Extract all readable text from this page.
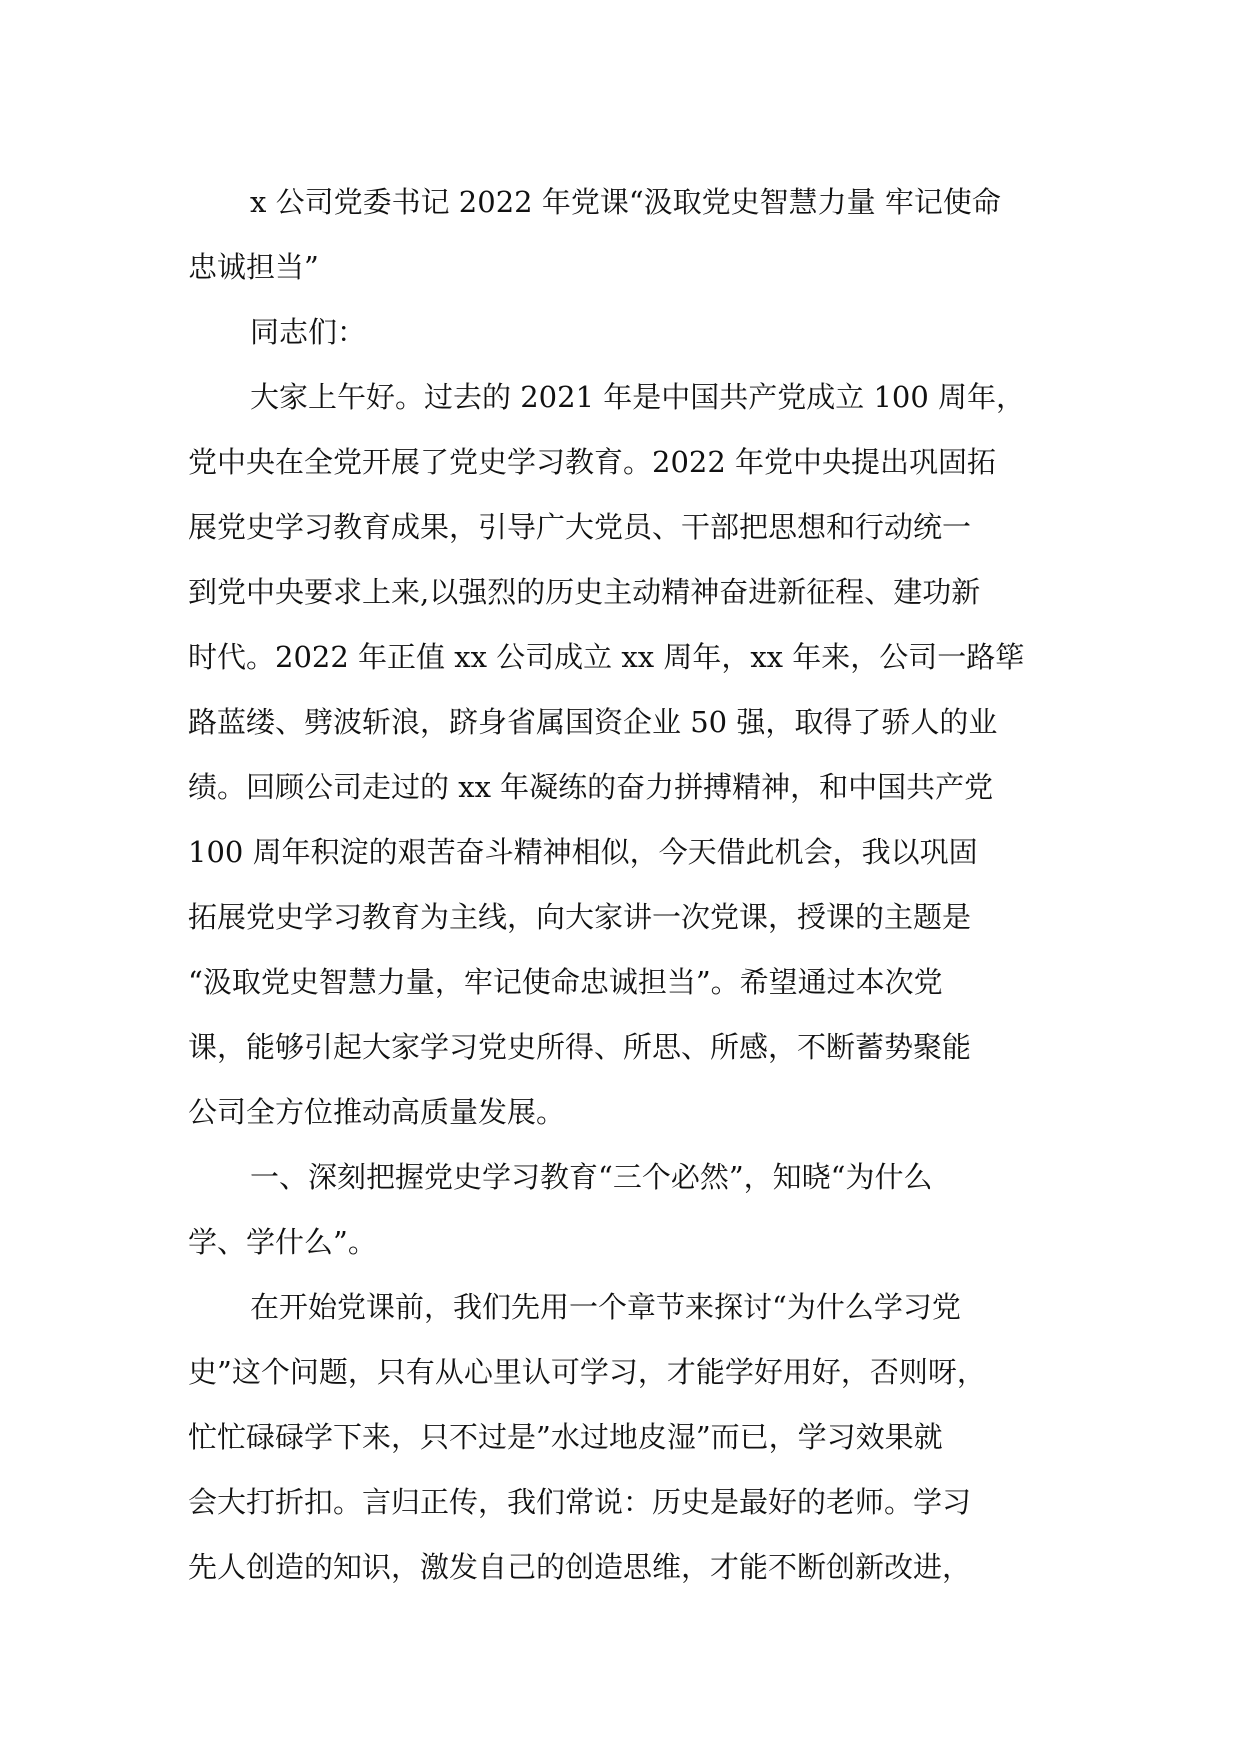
x 公司党委书记 2022 年党课“汲取党史智慧力量 牢记使命
忠诚担当”
同志们：
大家上午好。过去的 2021 年是中国共产党成立 100 周年，
党中央在全党开展了党史学习教育。2022 年党中央提出巩固拓
展党史学习教育成果，引导广大党员、干部把思想和行动统一
到党中央要求上来,以强烈的历史主动精神奋进新征程、建功新
时代。2022 年正值 xx 公司成立 xx 周年，xx 年来，公司一路筚
路蓝缕、劈波斩浪，跻身省属国资企业 50 强，取得了骄人的业
绩。回顾公司走过的 xx 年凝练的奋力拼搏精神，和中国共产党
100 周年积淀的艰苦奋斗精神相似，今天借此机会，我以巩固
拓展党史学习教育为主线，向大家讲一次党课，授课的主题是
“汲取党史智慧力量，牢记使命忠诚担当”。希望通过本次党
课，能够引起大家学习党史所得、所思、所感，不断蓄势聚能
公司全方位推动高质量发展。
一、深刻把握党史学习教育“三个必然”，知晓“为什么
学、学什么”。
在开始党课前，我们先用一个章节来探讨“为什么学习党
史”这个问题，只有从心里认可学习，才能学好用好，否则呀，
忙忙碌碌学下来，只不过是”水过地皮湿”而已，学习效果就
会大打折扣。言归正传，我们常说：历史是最好的老师。学习
先人创造的知识，激发自己的创造思维，才能不断创新改进，
